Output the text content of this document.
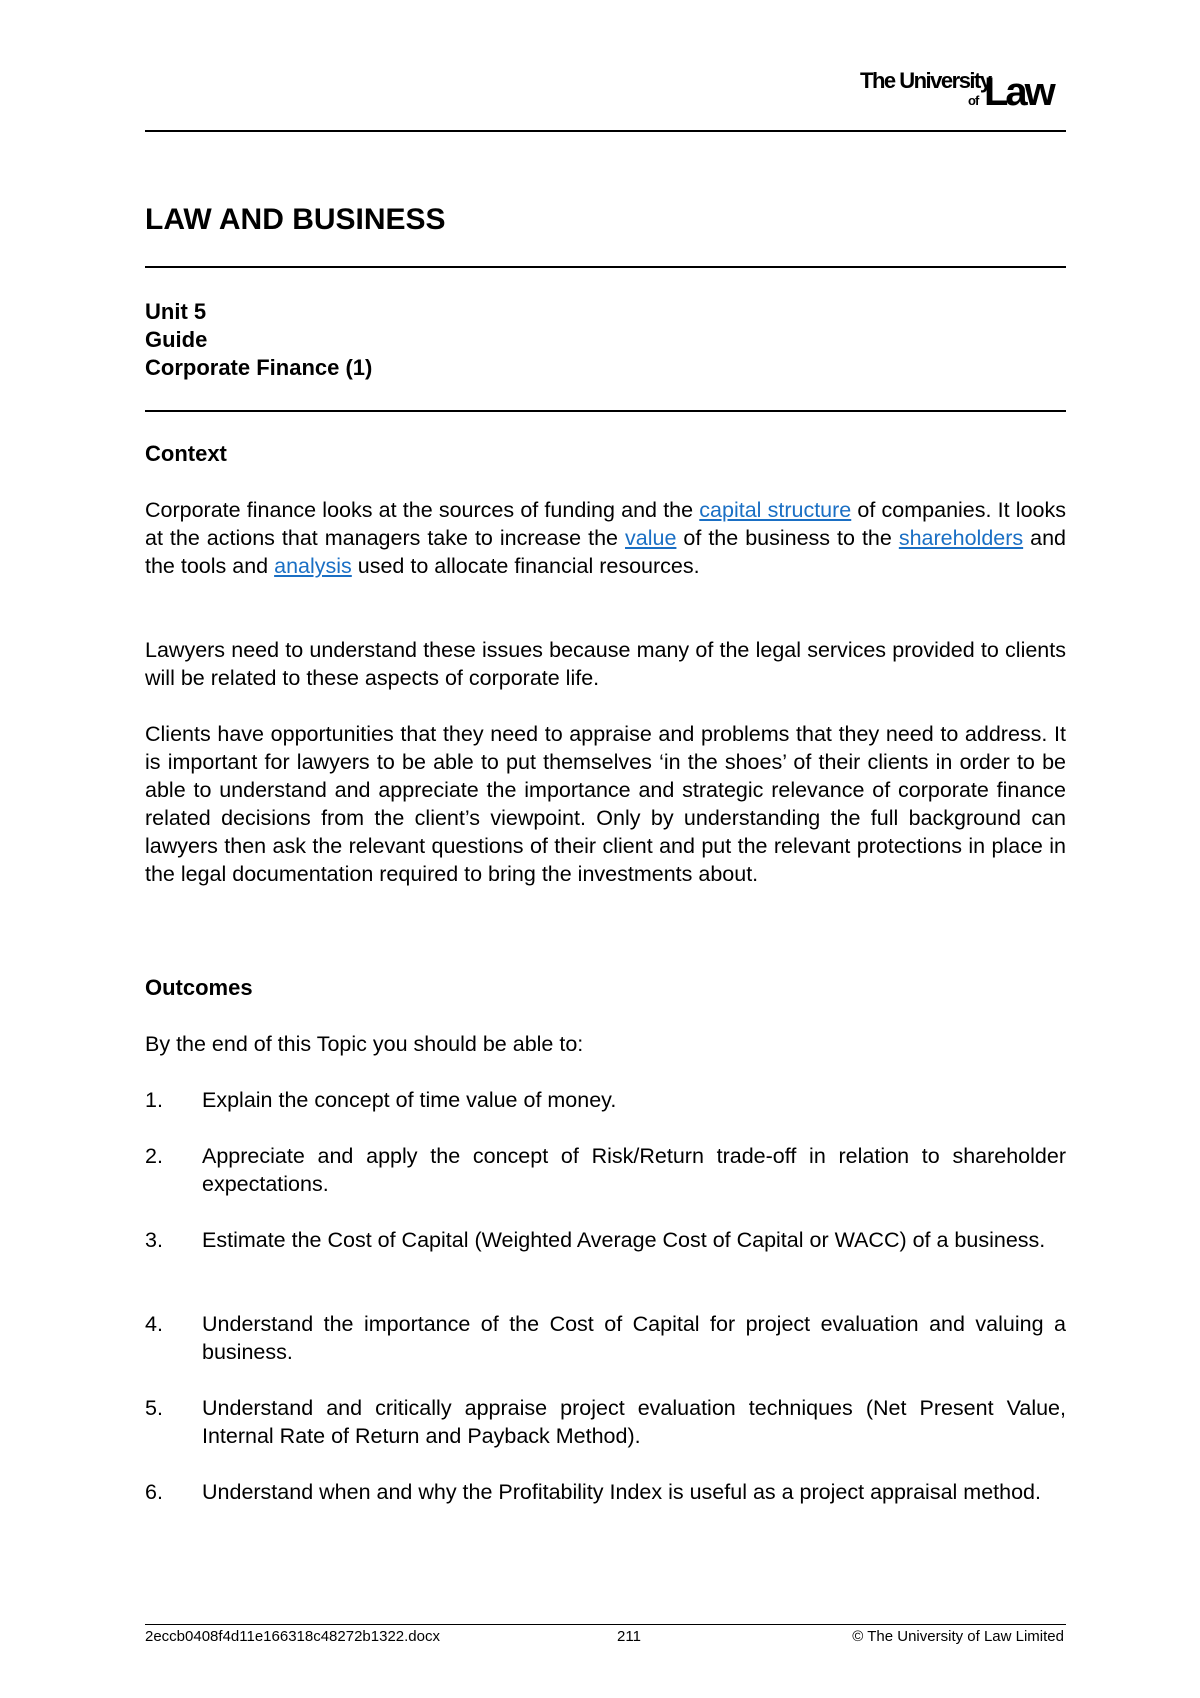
The University
of Law
LAW AND BUSINESS
Unit 5
Guide
Corporate Finance (1)
Context

Corporate finance looks at the sources of funding and the capital structure of companies. It looks at the actions that managers take to increase the value of the business to the shareholders and the tools and analysis used to allocate financial resources.

Lawyers need to understand these issues because many of the legal services provided to clients will be related to these aspects of corporate life.

Clients have opportunities that they need to appraise and problems that they need to address. It is important for lawyers to be able to put themselves ‘in the shoes’ of their clients in order to be able to understand and appreciate the importance and strategic relevance of corporate finance related decisions from the client’s viewpoint. Only by understanding the full background can lawyers then ask the relevant questions of their client and put the relevant protections in place in the legal documentation required to bring the investments about.

Outcomes

By the end of this Topic you should be able to:

1. Explain the concept of time value of money.
2. Appreciate and apply the concept of Risk/Return trade-off in relation to shareholder expectations.
3. Estimate the Cost of Capital (Weighted Average Cost of Capital or WACC) of a business.
4. Understand the importance of the Cost of Capital for project evaluation and valuing a business.
5. Understand and critically appraise project evaluation techniques (Net Present Value, Internal Rate of Return and Payback Method).
6. Understand when and why the Profitability Index is useful as a project appraisal method.
2eccb0408f4d11e166318c48272b1322.docx	211	© The University of Law Limited
